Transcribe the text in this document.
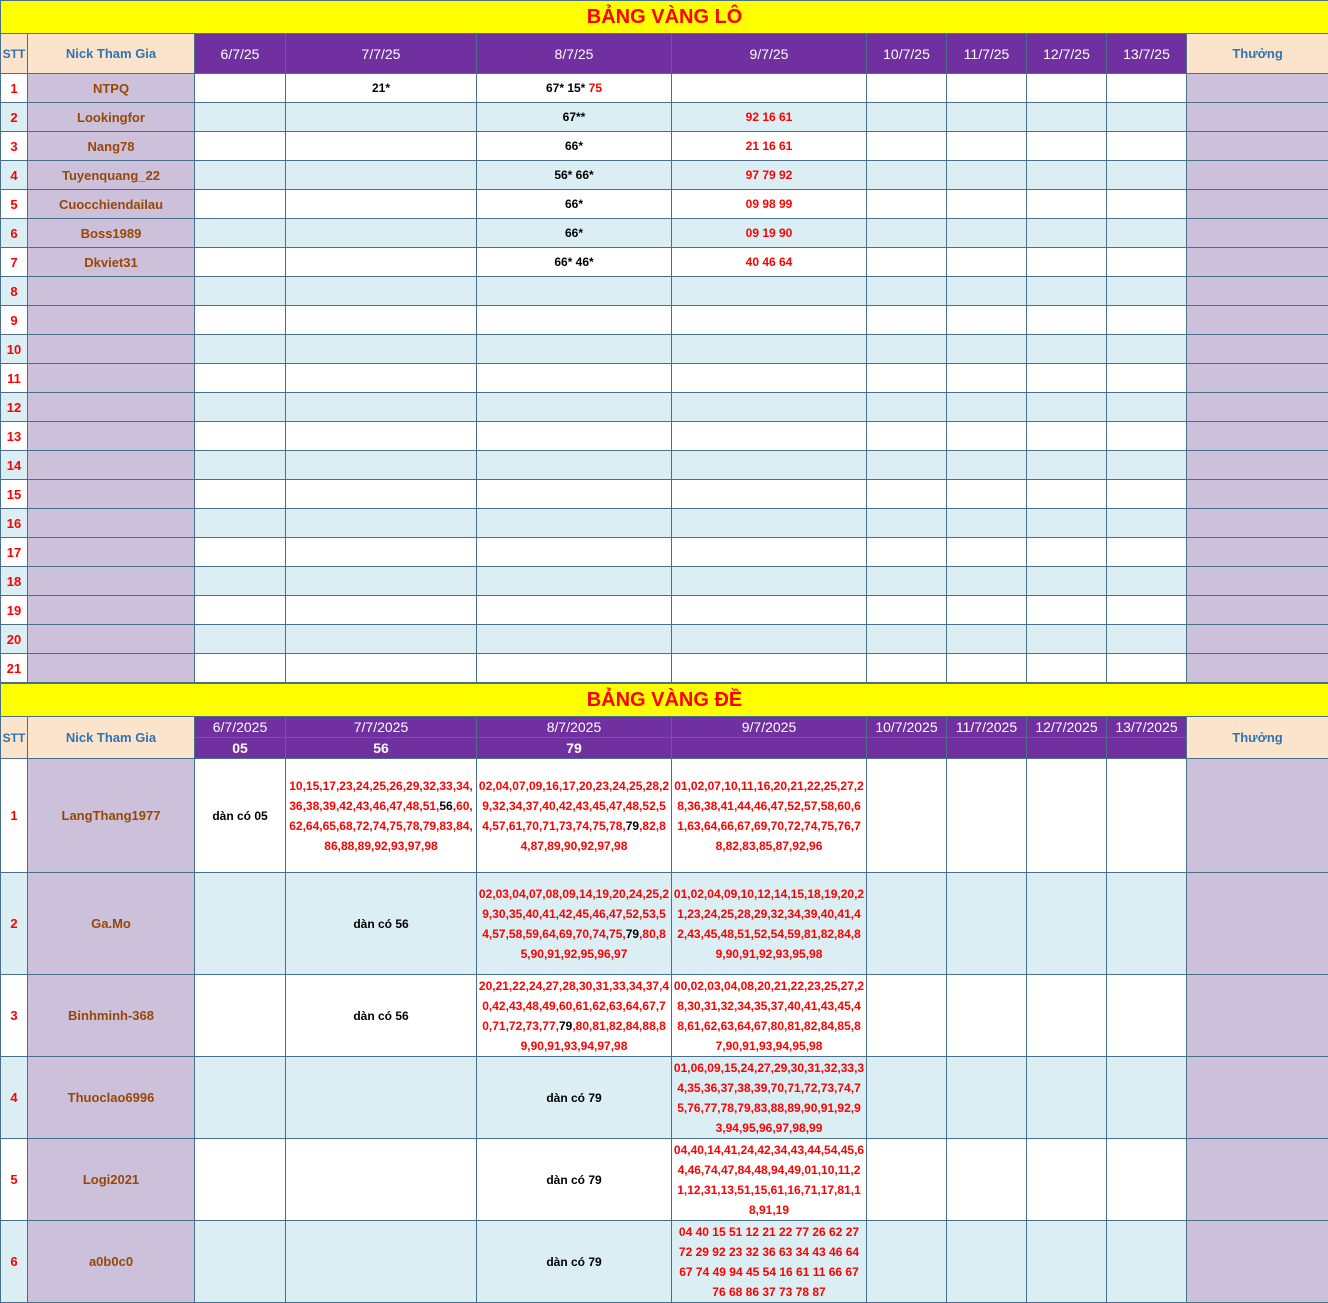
BẢNG VÀNG LÔ										
STT	Nick Tham Gia	6/7/25	7/7/25	8/7/25	9/7/25	10/7/25	11/7/25	12/7/25	13/7/25	Thưởng
1	NTPQ		21*	67* 15* 75						
2	Lookingfor			67**	92 16 61					
3	Nang78			66*	21 16 61					
4	Tuyenquang_22			56* 66*	97 79 92					
5	Cuocchiendailau			66*	09 98 99					
6	Boss1989			66*	09 19 90					
7	Dkviet31			66* 46*	40 46 64					
8										
9										
10										
11										
12										
13										
14										
15										
16										
17										
18										
19										
20										
21										
BẢNG VÀNG ĐỀ										
STT	Nick Tham Gia	6/7/2025	7/7/2025	8/7/2025	9/7/2025	10/7/2025	11/7/2025	12/7/2025	13/7/2025	Thưởng
		05	56	79						
1	LangThang1977	dàn có 05	10,15,17,23,24,25,26,29,32,33,34,36,38,39,42,43,46,47,48,51,56,60,62,64,65,68,72,74,75,78,79,83,84,86,88,89,92,93,97,98	02,04,07,09,16,17,20,23,24,25,28,29,32,34,37,40,42,43,45,47,48,52,54,57,61,70,71,73,74,75,78,79,82,84,87,89,90,92,97,98	01,02,07,10,11,16,20,21,22,25,27,28,36,38,41,44,46,47,52,57,58,60,61,63,64,66,67,69,70,72,74,75,76,78,82,83,85,87,92,96					
2	Ga.Mo		dàn có 56	02,03,04,07,08,09,14,19,20,24,25,29,30,35,40,41,42,45,46,47,52,53,54,57,58,59,64,69,70,74,75,79,80,85,90,91,92,95,96,97	01,02,04,09,10,12,14,15,18,19,20,21,23,24,25,28,29,32,34,39,40,41,42,43,45,48,51,52,54,59,81,82,84,89,90,91,92,93,95,98					
3	Binhminh-368		dàn có 56	20,21,22,24,27,28,30,31,33,34,37,40,42,43,48,49,60,61,62,63,64,67,70,71,72,73,77,79,80,81,82,84,88,89,90,91,93,94,97,98	00,02,03,04,08,20,21,22,23,25,27,28,30,31,32,34,35,37,40,41,43,45,48,61,62,63,64,67,80,81,82,84,85,87,90,91,93,94,95,98					
4	Thuoclao6996			dàn có 79	01,06,09,15,24,27,29,30,31,32,33,34,35,36,37,38,39,70,71,72,73,74,75,76,77,78,79,83,88,89,90,91,92,93,94,95,96,97,98,99					
5	Logi2021			dàn có 79	04,40,14,41,24,42,34,43,44,54,45,64,46,74,47,84,48,94,49,01,10,11,21,12,31,13,51,15,61,16,71,17,81,18,91,19					
6	a0b0c0			dàn có 79	04 40 15 51 12 21 22 77 26 62 27 72 29 92 23 32 36 63 34 43 46 64 67 74 49 94 45 54 16 61 11 66 67 76 68 86 37 73 78 87					
